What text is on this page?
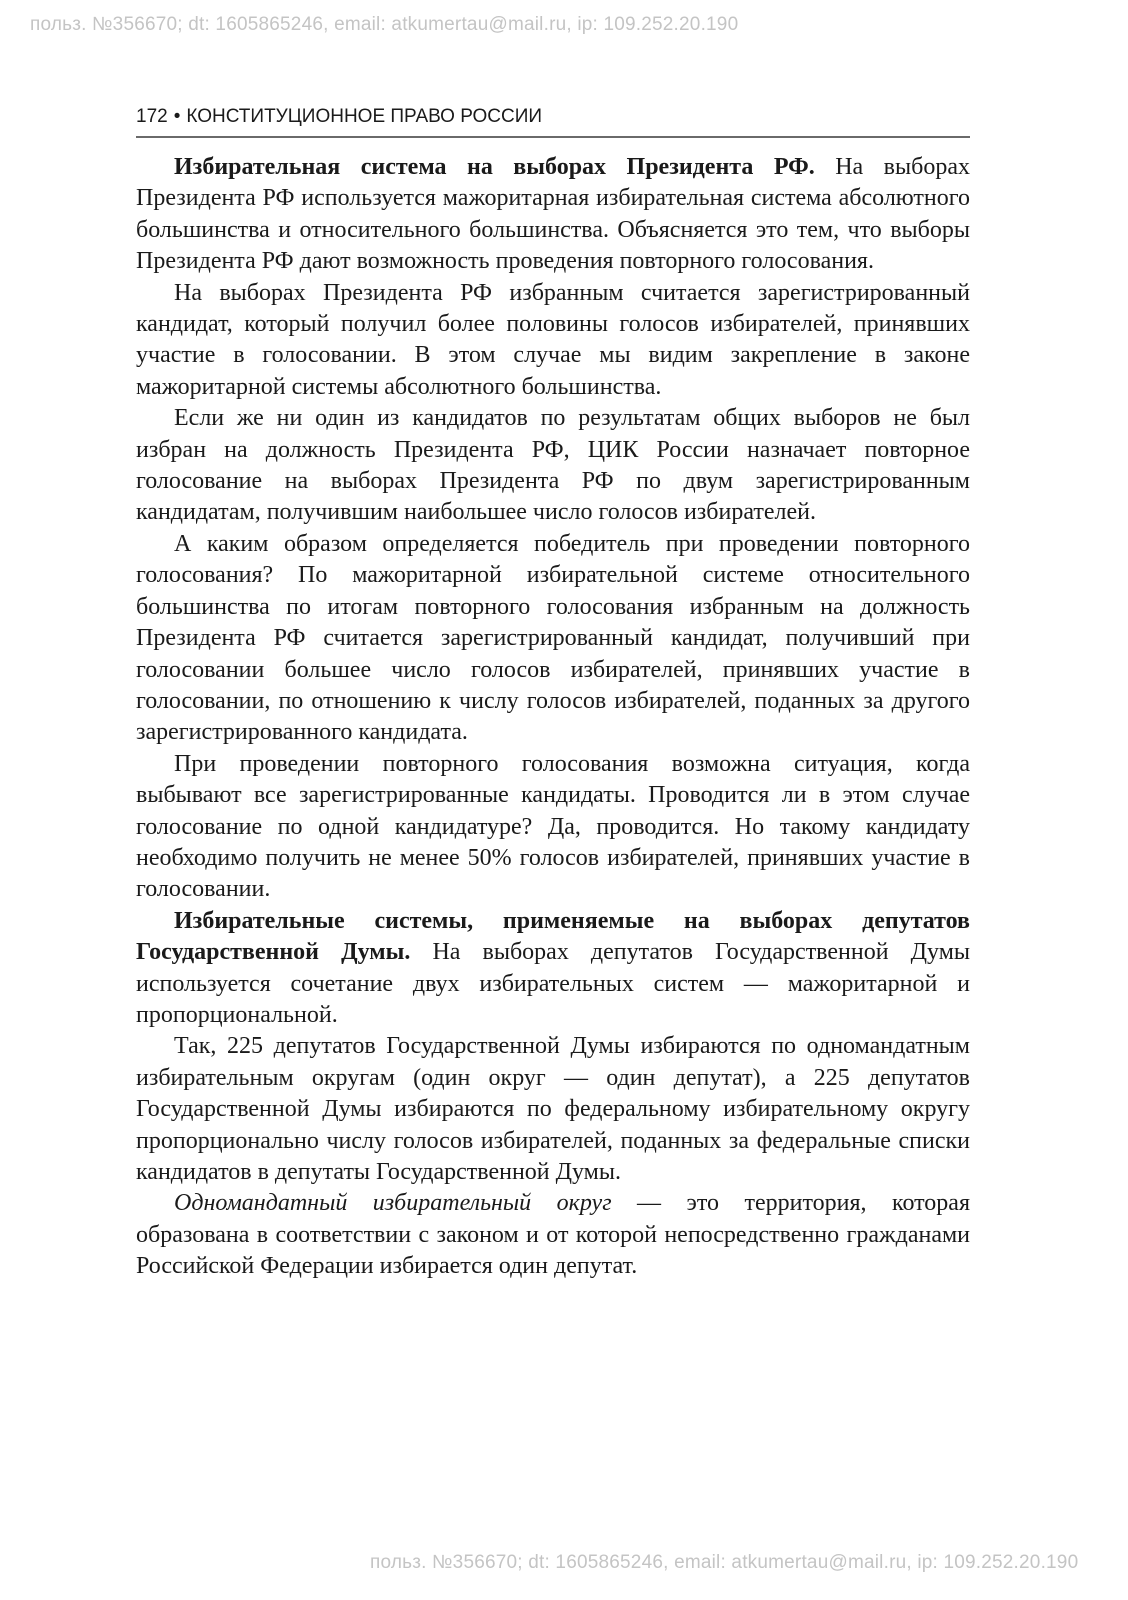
польз. №356670; dt: 1605865246, email: atkumertau@mail.ru, ip: 109.252.20.190
172 • КОНСТИТУЦИОННОЕ ПРАВО РОССИИ

Избирательная система на выборах Президента РФ. На выборах Президента РФ используется мажоритарная избирательная система абсолютного большинства и относительного большинства. Объясняется это тем, что выборы Президента РФ дают возможность проведения повторного голосования.

На выборах Президента РФ избранным считается зарегистрированный кандидат, который получил более половины голосов избирателей, принявших участие в голосовании. В этом случае мы видим закрепление в законе мажоритарной системы абсолютного большинства.

Если же ни один из кандидатов по результатам общих выборов не был избран на должность Президента РФ, ЦИК России назначает повторное голосование на выборах Президента РФ по двум зарегистрированным кандидатам, получившим наибольшее число голосов избирателей.

А каким образом определяется победитель при проведении повторного голосования? По мажоритарной избирательной системе относительного большинства по итогам повторного голосования избранным на должность Президента РФ считается зарегистрированный кандидат, получивший при голосовании большее число голосов избирателей, принявших участие в голосовании, по отношению к числу голосов избирателей, поданных за другого зарегистрированного кандидата.

При проведении повторного голосования возможна ситуация, когда выбывают все зарегистрированные кандидаты. Проводится ли в этом случае голосование по одной кандидатуре? Да, проводится. Но такому кандидату необходимо получить не менее 50% голосов избирателей, принявших участие в голосовании.

Избирательные системы, применяемые на выборах депутатов Государственной Думы. На выборах депутатов Государственной Думы используется сочетание двух избирательных систем — мажоритарной и пропорциональной.

Так, 225 депутатов Государственной Думы избираются по одномандатным избирательным округам (один округ — один депутат), а 225 депутатов Государственной Думы избираются по федеральному избирательному округу пропорционально числу голосов избирателей, поданных за федеральные списки кандидатов в депутаты Государственной Думы.

Одномандатный избирательный округ — это территория, которая образована в соответствии с законом и от которой непосредственно гражданами Российской Федерации избирается один депутат.

польз. №356670; dt: 1605865246, email: atkumertau@mail.ru, ip: 109.252.20.190
